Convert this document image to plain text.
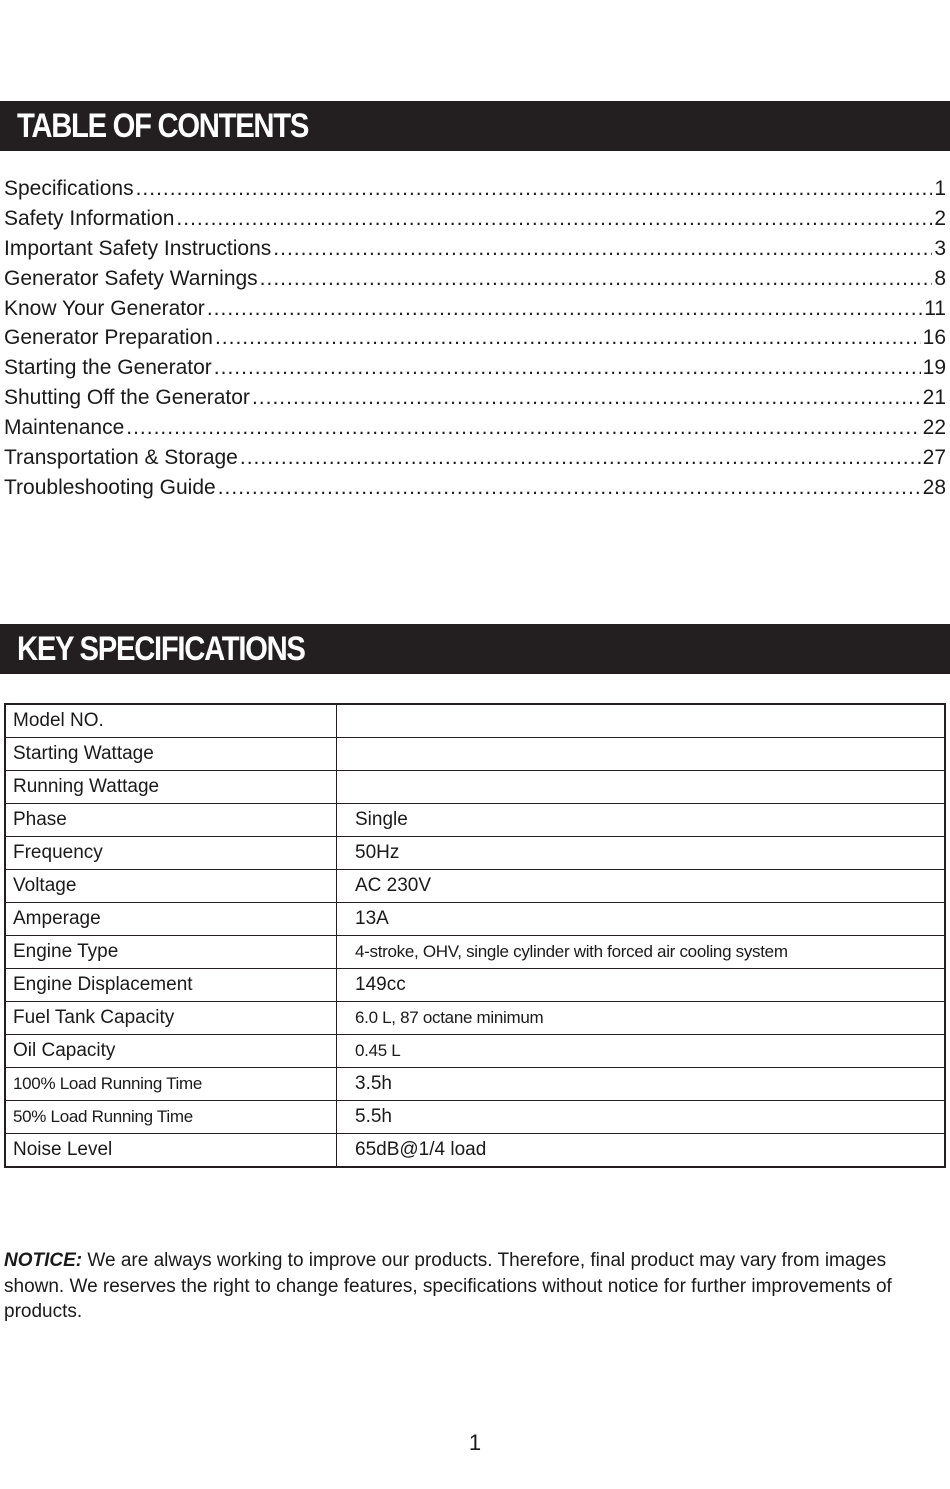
TABLE OF CONTENTS
Specifications .....	1
Safety Information .....	2
Important Safety Instructions .....	3
Generator Safety Warnings .....	8
Know Your Generator .....	11
Generator Preparation .....	16
Starting the Generator .....	19
Shutting Off the Generator .....	21
Maintenance .....	22
Transportation & Storage .....	27
Troubleshooting Guide .....	28
KEY SPECIFICATIONS
Model NO.	
Starting Wattage	
Running Wattage	
Phase	Single
Frequency	50Hz
Voltage	AC 230V
Amperage	13A
Engine Type	4-stroke, OHV, single cylinder with forced air cooling system
Engine Displacement	149cc
Fuel Tank Capacity	6.0 L, 87 octane minimum
Oil Capacity	0.45 L
100% Load Running Time	3.5h
50% Load Running Time	5.5h
Noise Level	65dB@1/4 load
NOTICE: We are always working to improve our products. Therefore, final product may vary from images shown. We reserves the right to change features, specifications without notice for further improvements of products.
1
